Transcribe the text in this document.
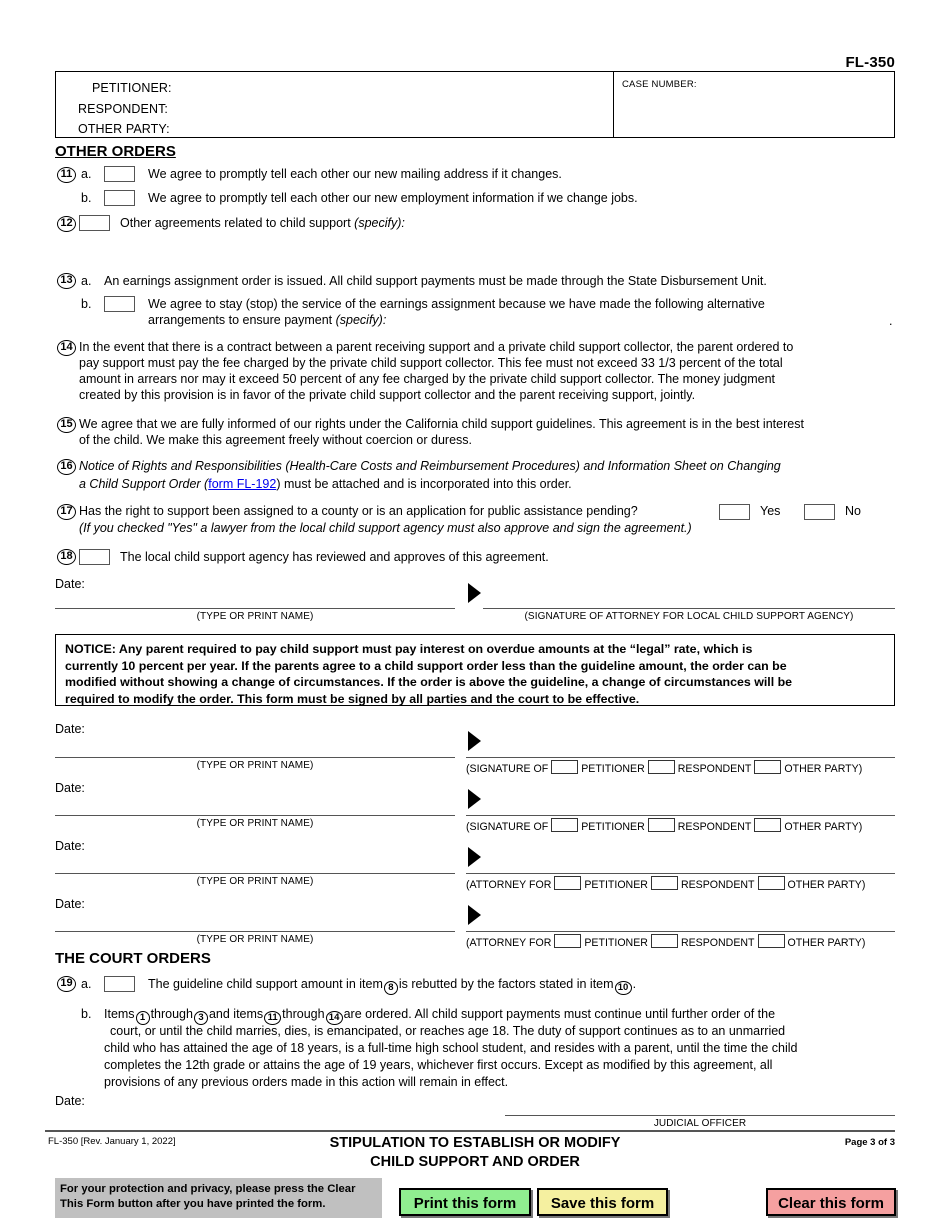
FL-350
PETITIONER:
RESPONDENT:
OTHER PARTY:
CASE NUMBER:
OTHER ORDERS
11 a.	We agree to promptly tell each other our new mailing address if it changes.
b.	We agree to promptly tell each other our new employment information if we change jobs.
12	Other agreements related to child support (specify):
13 a. An earnings assignment order is issued. All child support payments must be made through the State Disbursement Unit.
b.	We agree to stay (stop) the service of the earnings assignment because we have made the following alternative
arrangements to ensure payment (specify):	.
14 In the event that there is a contract between a parent receiving support and a private child support collector, the parent ordered to
pay support must pay the fee charged by the private child support collector. This fee must not exceed 33 1/3 percent of the total
amount in arrears nor may it exceed 50 percent of any fee charged by the private child support collector. The money judgment
created by this provision is in favor of the private child support collector and the parent receiving support, jointly.
15 We agree that we are fully informed of our rights under the California child support guidelines. This agreement is in the best interest
of the child. We make this agreement freely without coercion or duress.
16 Notice of Rights and Responsibilities (Health-Care Costs and Reimbursement Procedures) and Information Sheet on Changing
a Child Support Order (form FL-192) must be attached and is incorporated into this order.
17 Has the right to support been assigned to a county or is an application for public assistance pending?	Yes	No
(If you checked "Yes" a lawyer from the local child support agency must also approve and sign the agreement.)
18	The local child support agency has reviewed and approves of this agreement.
Date:
(TYPE OR PRINT NAME)	(SIGNATURE OF ATTORNEY FOR LOCAL CHILD SUPPORT AGENCY)
NOTICE: Any parent required to pay child support must pay interest on overdue amounts at the “legal” rate, which is
currently 10 percent per year. If the parents agree to a child support order less than the guideline amount, the order can be
modified without showing a change of circumstances. If the order is above the guideline, a change of circumstances will be
required to modify the order. This form must be signed by all parties and the court to be effective.
Date:
(TYPE OR PRINT NAME)	(SIGNATURE OF	PETITIONER	RESPONDENT	OTHER PARTY)
Date:
(TYPE OR PRINT NAME)	(SIGNATURE OF	PETITIONER	RESPONDENT	OTHER PARTY)
Date:
(TYPE OR PRINT NAME)	(ATTORNEY FOR	PETITIONER	RESPONDENT	OTHER PARTY)
Date:
(TYPE OR PRINT NAME)	(ATTORNEY FOR	PETITIONER	RESPONDENT	OTHER PARTY)
THE COURT ORDERS
19 a.	The guideline child support amount in item 8 is rebutted by the factors stated in item 10 .
b. Items 1 through 3 and items 11 through 14 are ordered. All child support payments must continue until further order of the
court, or until the child marries, dies, is emancipated, or reaches age 18. The duty of support continues as to an unmarried
child who has attained the age of 18 years, is a full-time high school student, and resides with a parent, until the time the child
completes the 12th grade or attains the age of 19 years, whichever first occurs. Except as modified by this agreement, all
provisions of any previous orders made in this action will remain in effect.
Date:
JUDICIAL OFFICER
FL-350 [Rev. January 1, 2022]	STIPULATION TO ESTABLISH OR MODIFY
CHILD SUPPORT AND ORDER
Page 3 of 3
For your protection and privacy, please press the Clear
This Form button after you have printed the form.	Print this form	Save this form	Clear this form
